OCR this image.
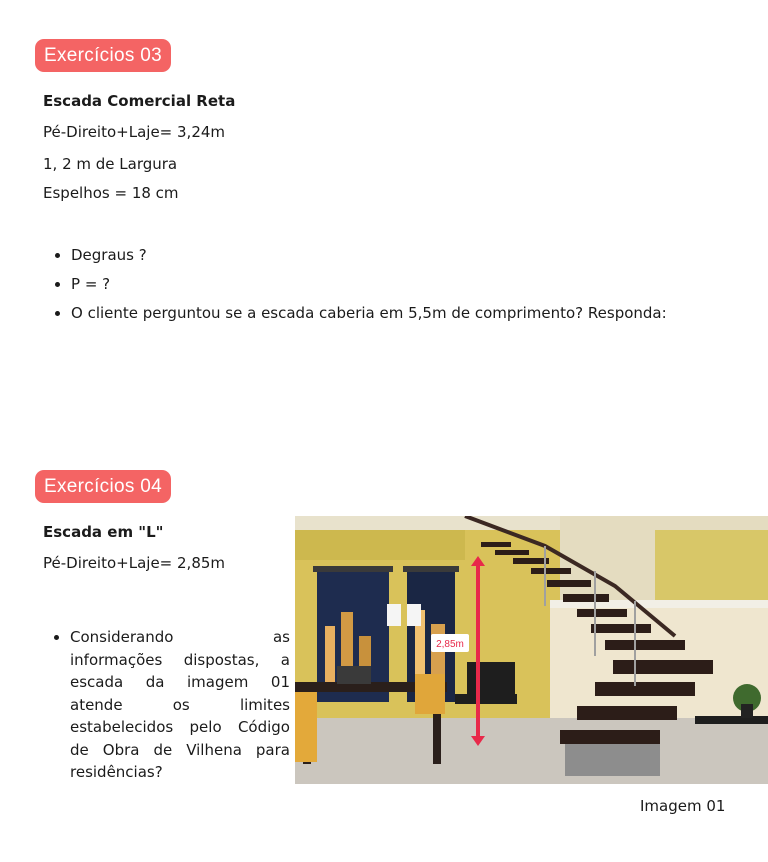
Exercícios 03
Escada Comercial Reta
Pé-Direito+Laje= 3,24m
1, 2 m de Largura
Espelhos = 18 cm
• Degraus ?
• P = ?
• O cliente perguntou se a escada caberia em 5,5m de comprimento? Responda:
Exercícios 04
Escada em "L"
Pé-Direito+Laje= 2,85m
• Considerando as informações dispostas, a escada da imagem 01 atende os limites estabelecidos pelo Código de Obra de Vilhena para residências?
2,85m
Imagem 01
